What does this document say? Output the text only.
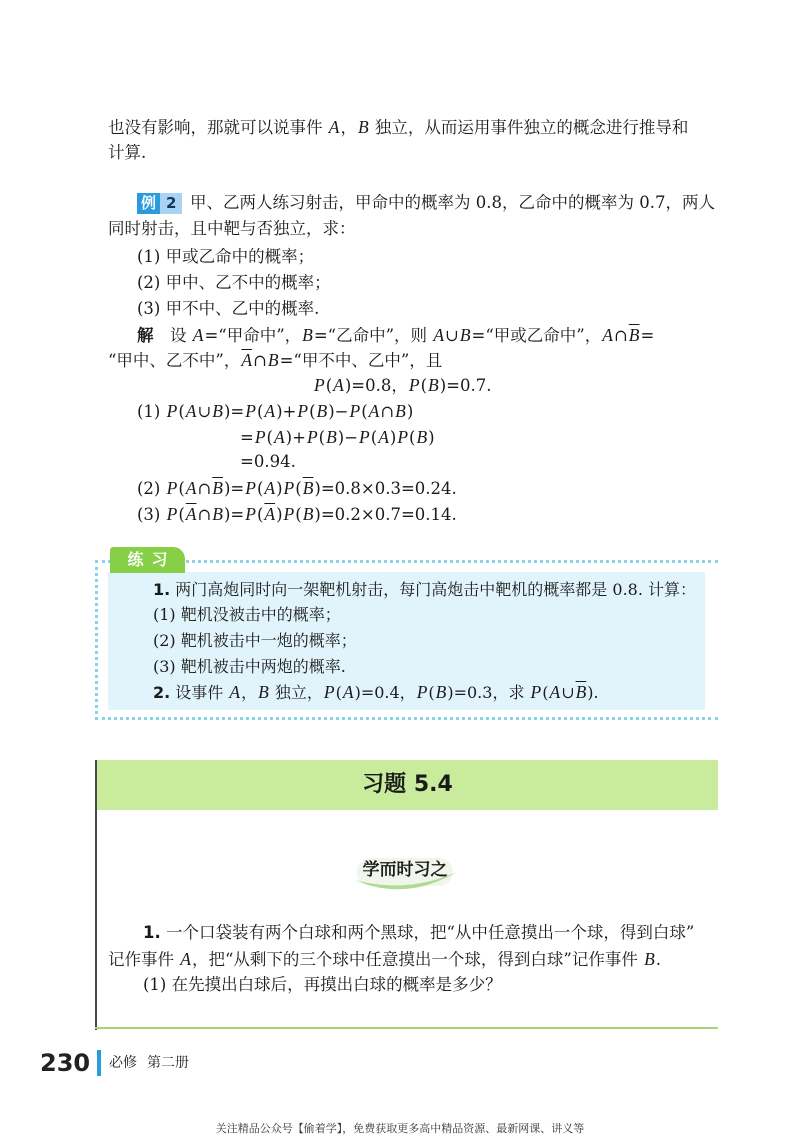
也没有影响，那就可以说事件 A，B 独立，从而运用事件独立的概念进行推导和
计算.
例 2 甲、乙两人练习射击，甲命中的概率为 0.8，乙命中的概率为 0.7，两人
同时射击，且中靶与否独立，求：
(1) 甲或乙命中的概率；
(2) 甲中、乙不中的概率；
(3) 甲不中、乙中的概率.
解　设 A=“甲命中”，B=“乙命中”，则 A∪B=“甲或乙命中”，$A\cap\overline{B}=$
“甲中、乙不中”，$\overline{A}\cap B=“$甲不中、乙中”，且
P(A)=0.8，P(B)=0.7.
(1) P(A∪B)=P(A)+P(B)−P(A∩B)
=P(A)+P(B)−P(A)P(B)
=0.94.
(2) $P(A\cap\overline{B})=P(A)P(\overline{B})=0.8\times 0.3=0.24$.
(3) $P(\overline{A}\cap B)=P(\overline{A})P(B)=0.2\times 0.7=0.14$.
练习
1. 两门高炮同时向一架靶机射击，每门高炮击中靶机的概率都是 0.8. 计算：
(1) 靶机没被击中的概率；
(2) 靶机被击中一炮的概率；
(3) 靶机被击中两炮的概率.
2. 设事件 A，B 独立，P(A)=0.4，P(B)=0.3，求 $P(A\cup\overline{B})$.
习题 5.4
学而时习之
1. 一个口袋装有两个白球和两个黑球，把“从中任意摸出一个球，得到白球”
记作事件 A，把“从剩下的三个球中任意摸出一个球，得到白球”记作事件 B.
(1) 在先摸出白球后，再摸出白球的概率是多少？
230 必修 第二册
关注精品公众号【偷着学】，免费获取更多高中精品资源、最新网课、讲义等
